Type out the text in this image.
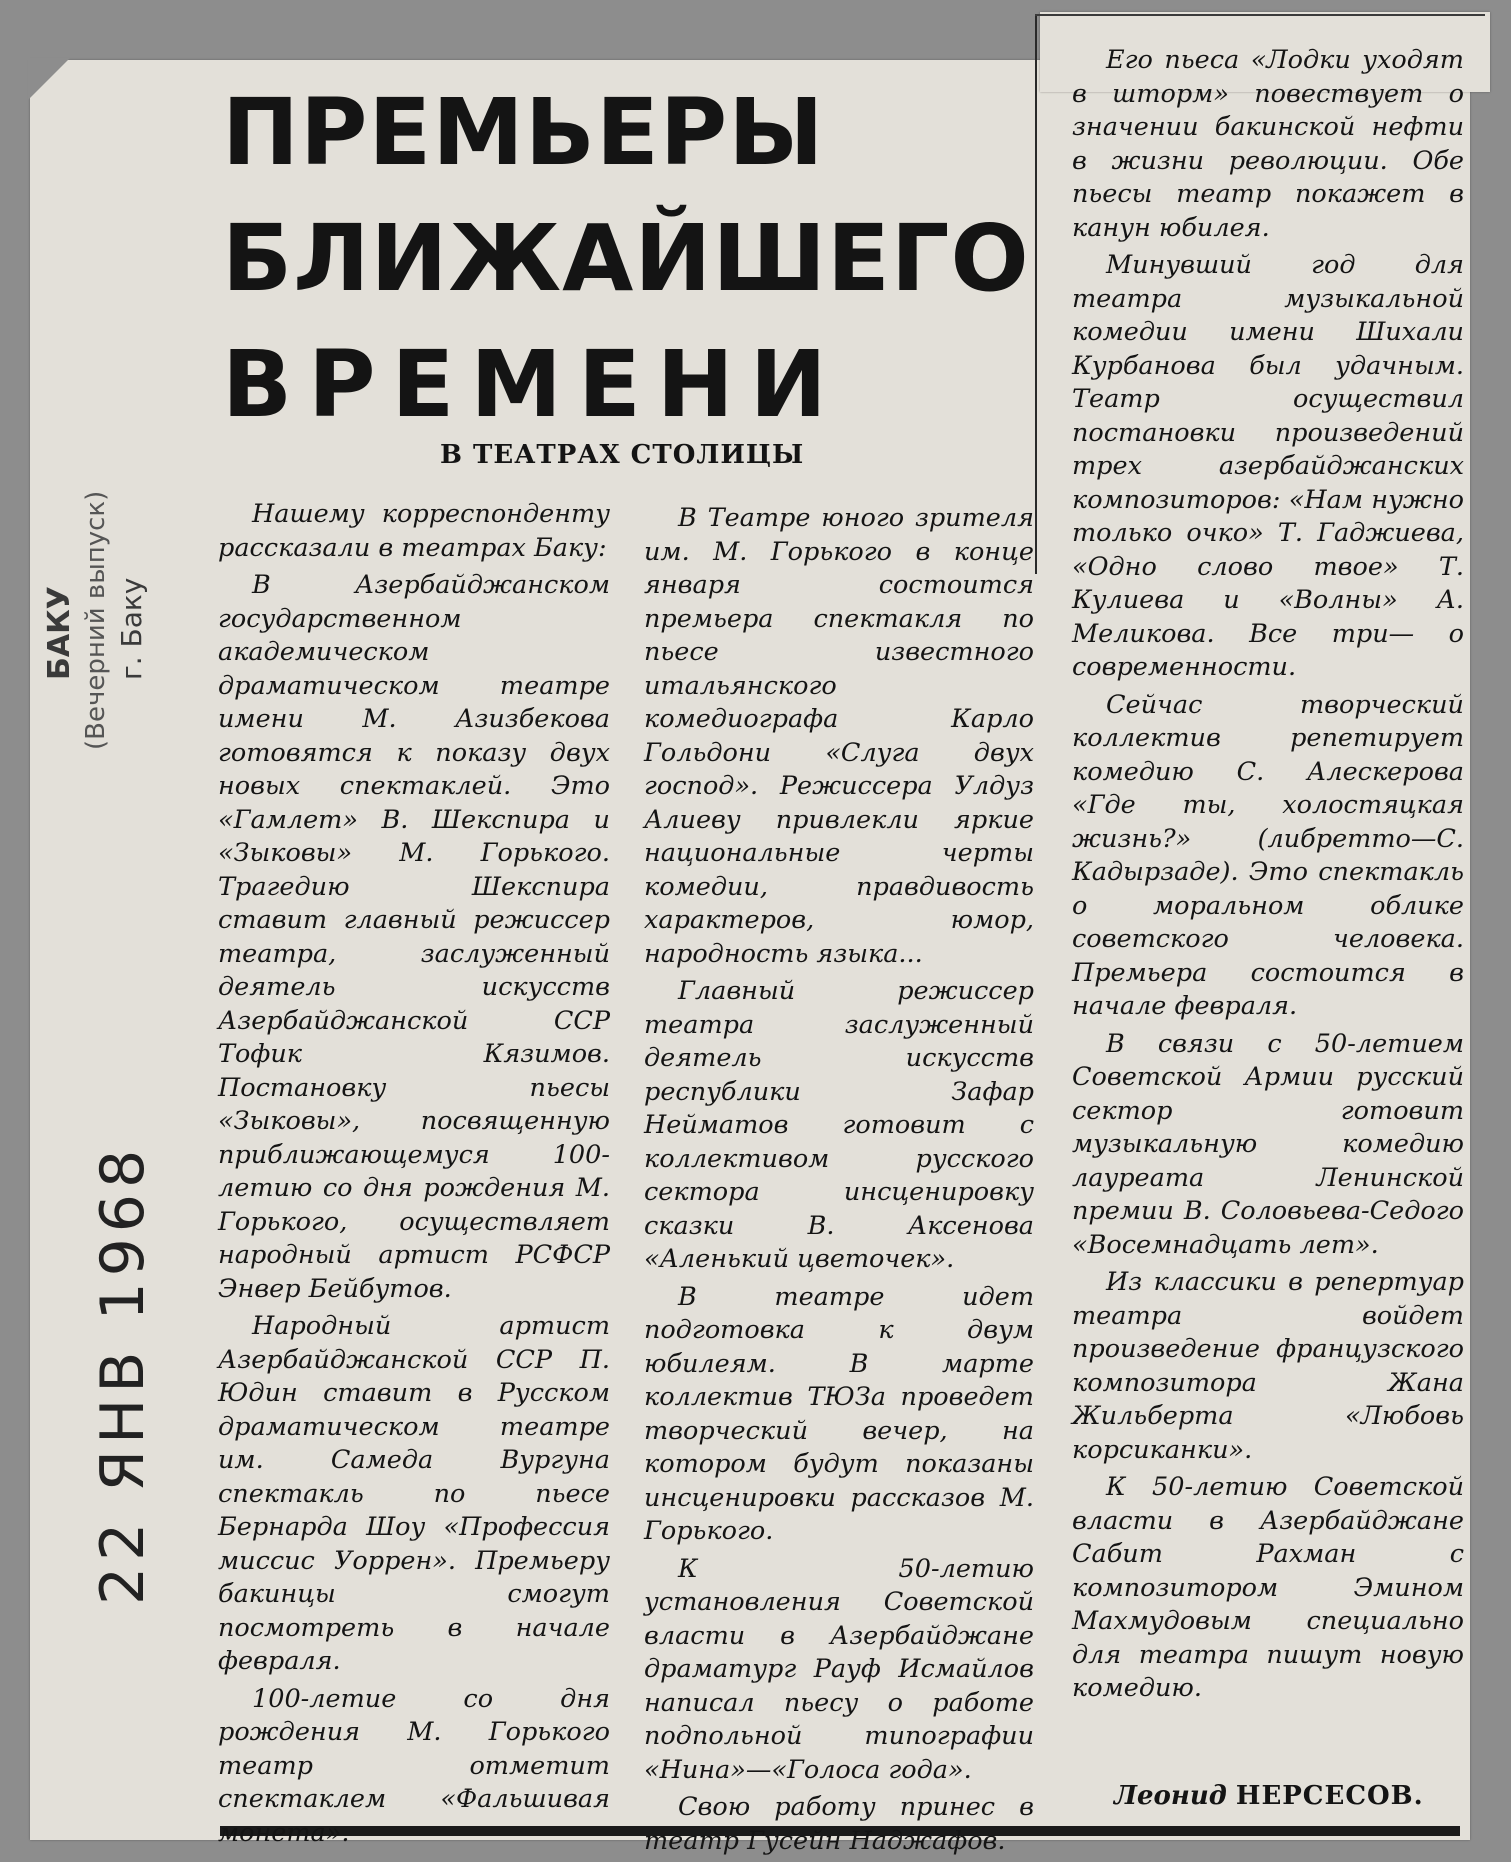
ПРЕМЬЕРЫ
БЛИЖАЙШЕГО
ВРЕМЕНИ
В ТЕАТРАХ СТОЛИЦЫ

Нашему корреспонденту рассказали в театрах Баку:

В Азербайджанском государственном академическом драматическом театре имени М. Азизбекова готовятся к показу двух новых спектаклей. Это «Гамлет» В. Шекспира и «Зыковы» М. Горького. Трагедию Шекспира ставит главный режиссер театра, заслуженный деятель искусств Азербайджанской ССР Тофик Кязимов. Постановку пьесы «Зыковы», посвященную приближающемуся 100-летию со дня рождения М. Горького, осуществляет народный артист РСФСР Энвер Бейбутов.

Народный артист Азербайджанской ССР П. Юдин ставит в Русском драматическом театре им. Самеда Вургуна спектакль по пьесе Бернарда Шоу «Профессия миссис Уоррен». Премьеру бакинцы смогут посмотреть в начале февраля.

100-летие со дня рождения М. Горького театр отметит спектаклем «Фальшивая монета».

В Театре юного зрителя им. М. Горького в конце января состоится премьера спектакля по пьесе известного итальянского комедиографа Карло Гольдони «Слуга двух господ». Режиссера Улдуз Алиеву привлекли яркие национальные черты комедии, правдивость характеров, юмор, народность языка...

Главный режиссер театра заслуженный деятель искусств республики Зафар Нейматов готовит с коллективом русского сектора инсценировку сказки В. Аксенова «Аленький цветочек».

В театре идет подготовка к двум юбилеям. В марте коллектив ТЮЗа проведет творческий вечер, на котором будут показаны инсценировки рассказов М. Горького.

К 50-летию установления Советской власти в Азербайджане драматург Рауф Исмайлов написал пьесу о работе подпольной типографии «Нина»—«Голоса года».

Свою работу принес в театр Гусейн Наджафов.

Его пьеса «Лодки уходят в шторм» повествует о значении бакинской нефти в жизни революции. Обе пьесы театр покажет в канун юбилея.

Минувший год для театра музыкальной комедии имени Шихали Курбанова был удачным. Театр осуществил постановки произведений трех азербайджанских композиторов: «Нам нужно только очко» Т. Гаджиева, «Одно слово твое» Т. Кулиева и «Волны» А. Меликова. Все три— о современности.

Сейчас творческий коллектив репетирует комедию С. Алескерова «Где ты, холостяцкая жизнь?» (либретто—С. Кадырзаде). Это спектакль о моральном облике советского человека. Премьера состоится в начале февраля.

В связи с 50-летием Советской Армии русский сектор готовит музыкальную комедию лауреата Ленинской премии В. Соловьева-Седого «Восемнадцать лет».

Из классики в репертуар театра войдет произведение французского композитора Жана Жильберта «Любовь корсиканки».

К 50-летию Советской власти в Азербайджане Сабит Рахман с композитором Эмином Махмудовым специально для театра пишут новую комедию.

Леонид НЕРСЕСОВ.
БАКУ (Вечерний выпуск) г. Баку
22 ЯНВ 1968
